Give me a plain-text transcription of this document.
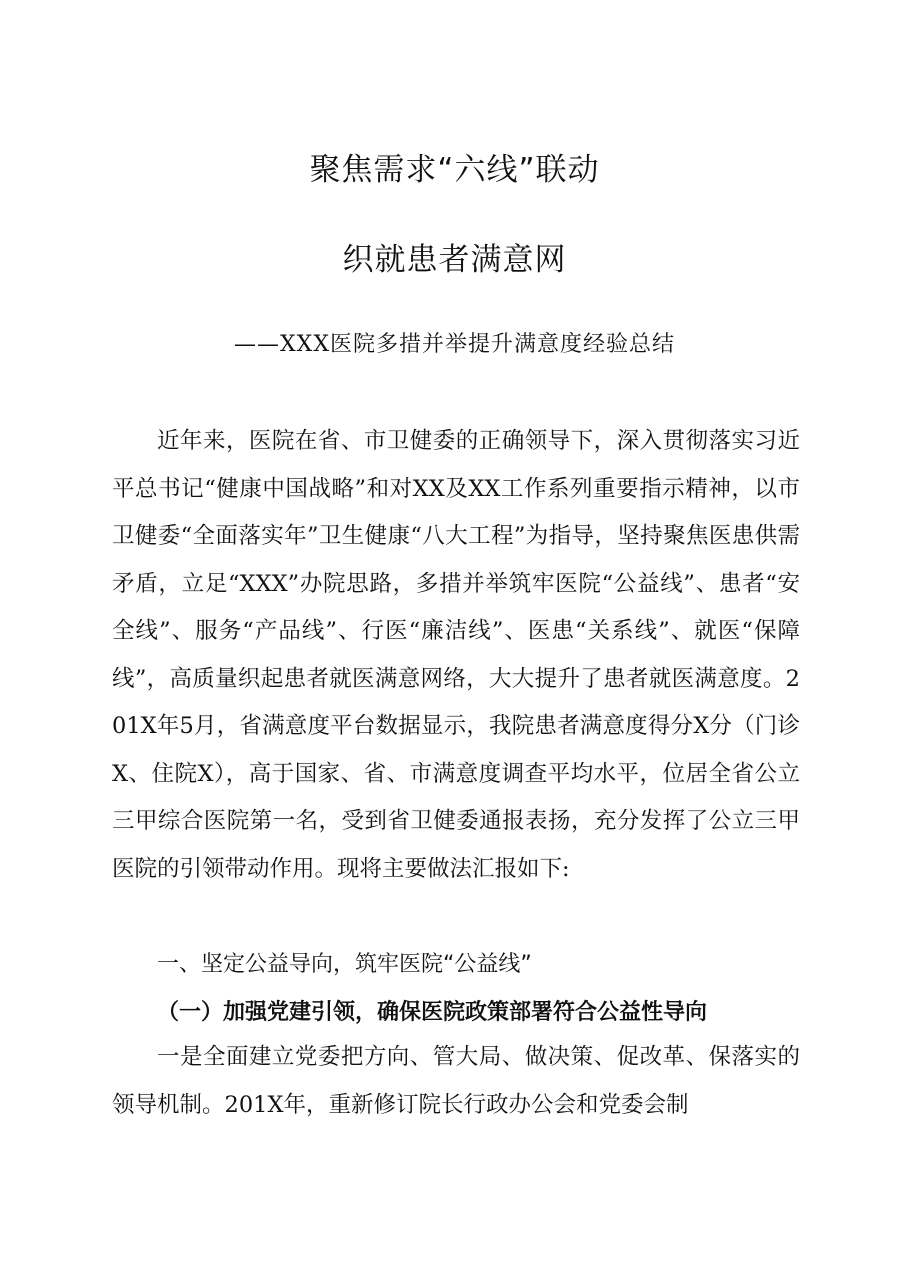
聚焦需求“六线”联动
织就患者满意网
——XXX医院多措并举提升满意度经验总结
近年来，医院在省、市卫健委的正确领导下，深入贯彻落实习近平总书记“健康中国战略”和对XX及XX工作系列重要指示精神，以市卫健委“全面落实年”卫生健康“八大工程”为指导，坚持聚焦医患供需矛盾，立足“XXX”办院思路，多措并举筑牢医院“公益线”、患者“安全线”、服务“产品线”、行医“廉洁线”、医患“关系线”、就医“保障线”，高质量织起患者就医满意网络，大大提升了患者就医满意度。201X年5月，省满意度平台数据显示，我院患者满意度得分X分（门诊X、住院X），高于国家、省、市满意度调查平均水平，位居全省公立三甲综合医院第一名，受到省卫健委通报表扬，充分发挥了公立三甲医院的引领带动作用。现将主要做法汇报如下:
一、坚定公益导向，筑牢医院“公益线”
（一）加强党建引领，确保医院政策部署符合公益性导向
一是全面建立党委把方向、管大局、做决策、促改革、保落实的领导机制。201X年，重新修订院长行政办公会和党委会制
